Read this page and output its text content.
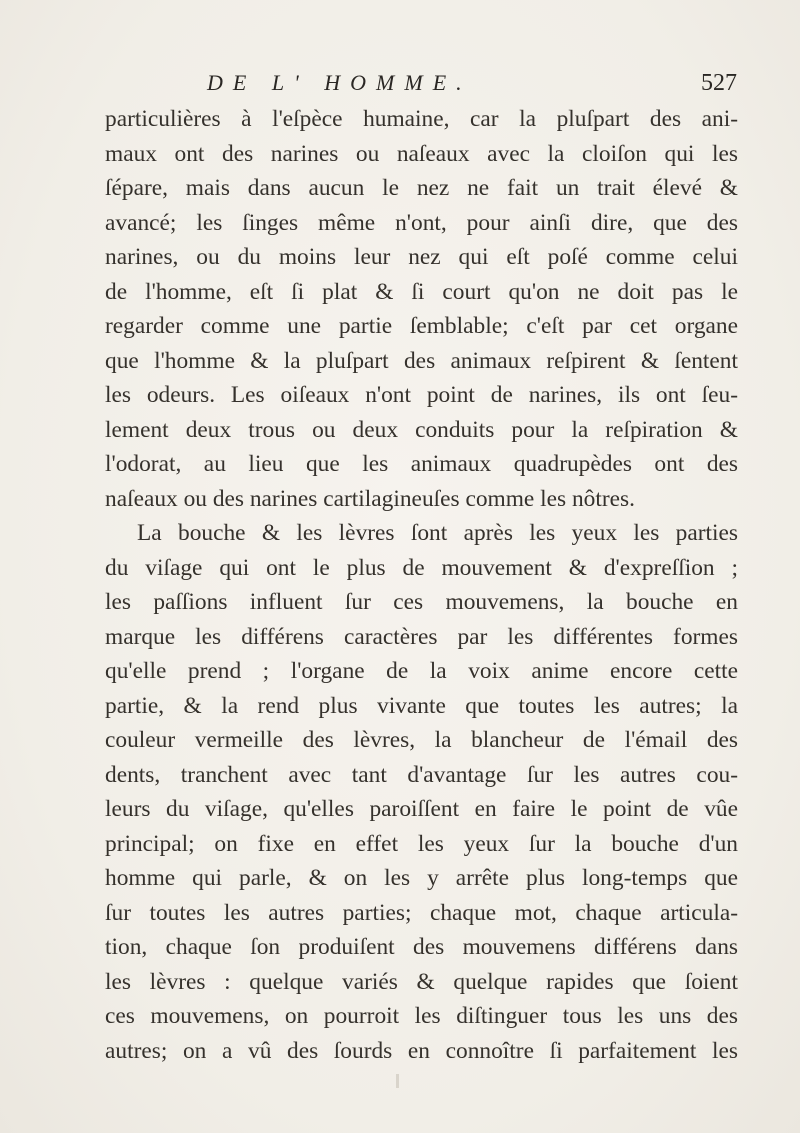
DE L' HOMME.	527
particulières à l'eſpèce humaine, car la pluſpart des ani-
maux ont des narines ou naſeaux avec la cloiſon qui les
ſépare, mais dans aucun le nez ne fait un trait élevé &
avancé; les ſinges même n'ont, pour ainſi dire, que des
narines, ou du moins leur nez qui eſt poſé comme celui
de l'homme, eſt ſi plat & ſi court qu'on ne doit pas le
regarder comme une partie ſemblable; c'eſt par cet organe
que l'homme & la pluſpart des animaux reſpirent & ſentent
les odeurs. Les oiſeaux n'ont point de narines, ils ont ſeu-
lement deux trous ou deux conduits pour la reſpiration &
l'odorat, au lieu que les animaux quadrupèdes ont des
naſeaux ou des narines cartilagineuſes comme les nôtres.
La bouche & les lèvres ſont après les yeux les parties
du viſage qui ont le plus de mouvement & d'expreſſion ;
les paſſions influent ſur ces mouvemens, la bouche en
marque les différens caractères par les différentes formes
qu'elle prend ; l'organe de la voix anime encore cette
partie, & la rend plus vivante que toutes les autres; la
couleur vermeille des lèvres, la blancheur de l'émail des
dents, tranchent avec tant d'avantage ſur les autres cou-
leurs du viſage, qu'elles paroiſſent en faire le point de vûe
principal; on fixe en effet les yeux ſur la bouche d'un
homme qui parle, & on les y arrête plus long-temps que
ſur toutes les autres parties; chaque mot, chaque articula-
tion, chaque ſon produiſent des mouvemens différens dans
les lèvres : quelque variés & quelque rapides que ſoient
ces mouvemens, on pourroit les diſtinguer tous les uns des
autres; on a vû des ſourds en connoître ſi parfaitement les
